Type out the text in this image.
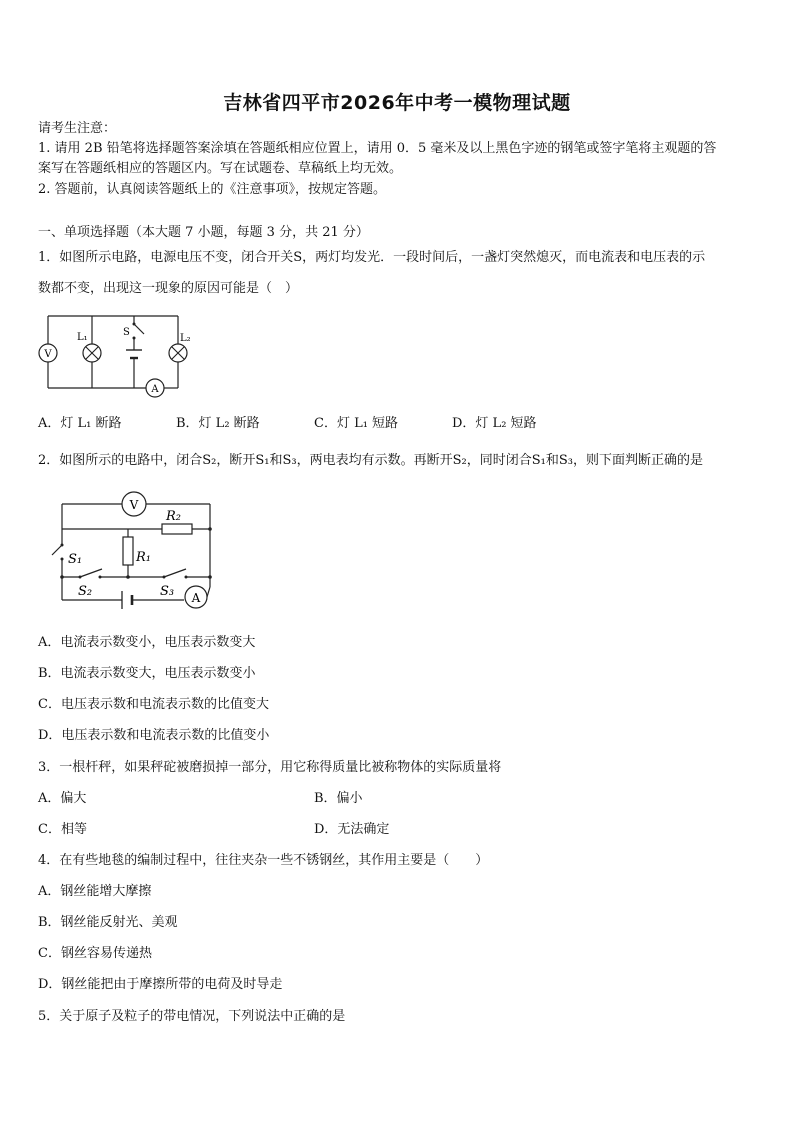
吉林省四平市2026年中考一模物理试题
请考生注意：
1. 请用 2B 铅笔将选择题答案涂填在答题纸相应位置上，请用 0．5 毫米及以上黑色字迹的钢笔或签字笔将主观题的答
案写在答题纸相应的答题区内。写在试题卷、草稿纸上均无效。
2. 答题前，认真阅读答题纸上的《注意事项》，按规定答题。
一、单项选择题（本大题 7 小题，每题 3 分，共 21 分）
1．如图所示电路，电源电压不变，闭合开关S，两灯均发光．一段时间后，一盏灯突然熄灭，而电流表和电压表的示
数都不变，出现这一现象的原因可能是（　）
V
L₁	S
L₂
A
A．灯 L₁ 断路	B．灯 L₂ 断路	C．灯 L₁ 短路	D．灯 L₂ 短路
2．如图所示的电路中，闭合S₂，断开S₁和S₃，两电表均有示数。再断开S₂，同时闭合S₁和S₃，则下面判断正确的是
R₂
R₁
V
A
S₁
S₂	S₃
A．电流表示数变小，电压表示数变大
B．电流表示数变大，电压表示数变小
C．电压表示数和电流表示数的比值变大
D．电压表示数和电流表示数的比值变小
3．一根杆秤，如果秤砣被磨损掉一部分，用它称得质量比被称物体的实际质量将
A．偏大	B．偏小
C．相等	D．无法确定
4．在有些地毯的编制过程中，往往夹杂一些不锈钢丝，其作用主要是（　　）
A．钢丝能增大摩擦
B．钢丝能反射光、美观
C．钢丝容易传递热
D．钢丝能把由于摩擦所带的电荷及时导走
5．关于原子及粒子的带电情况，下列说法中正确的是
